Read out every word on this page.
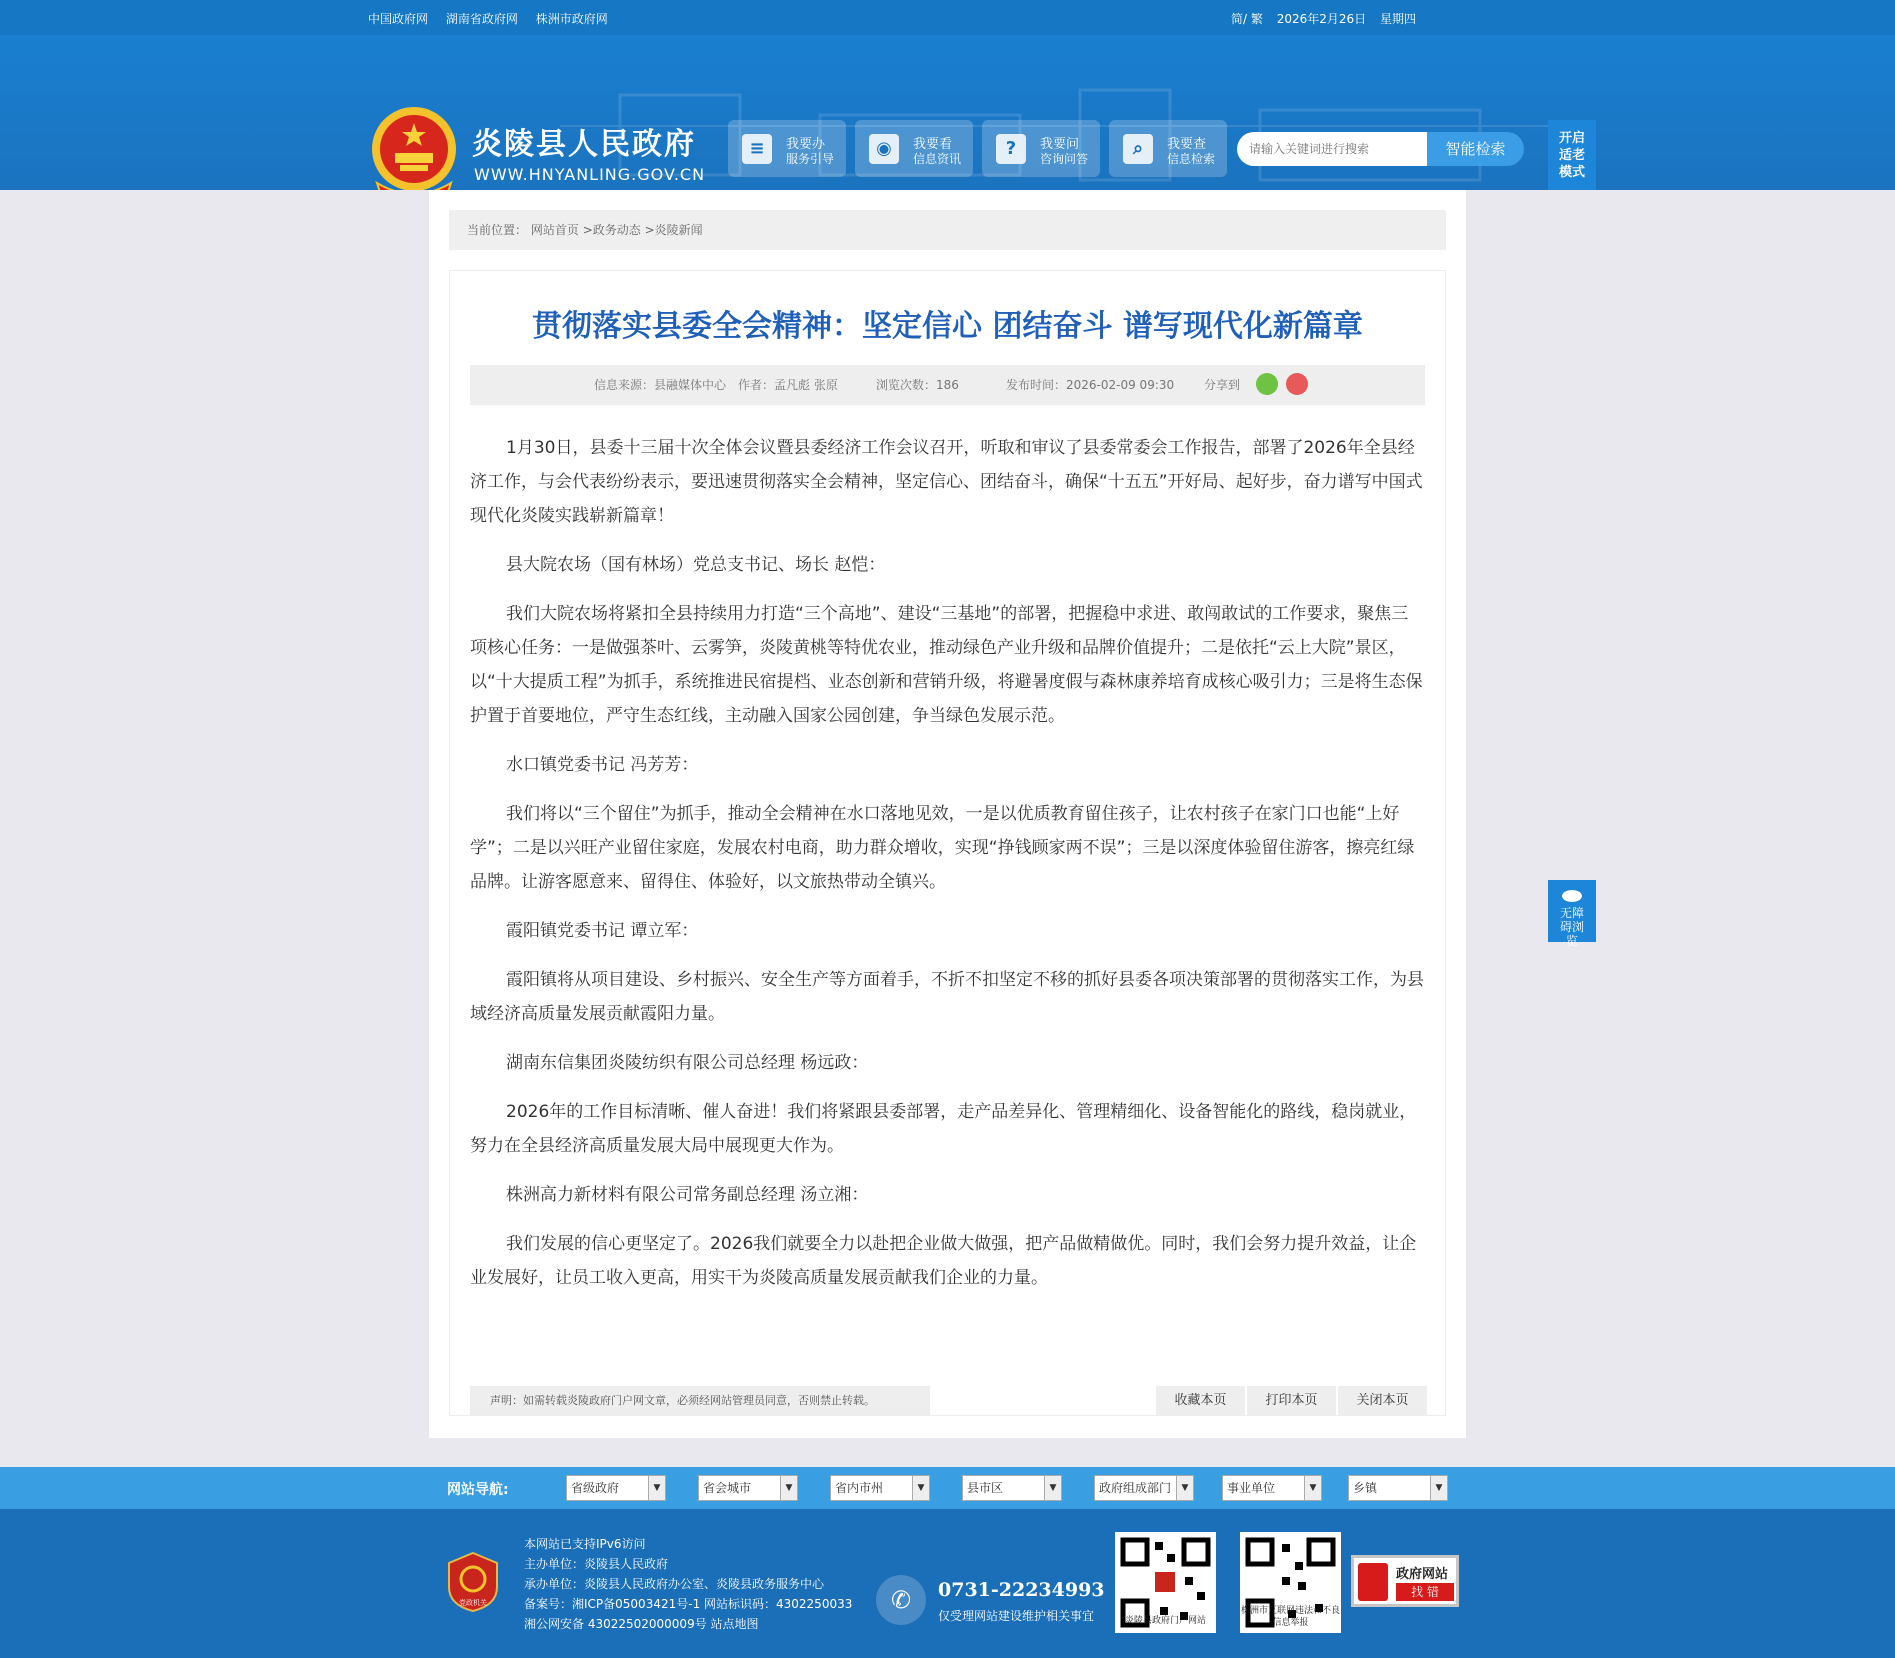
中国政府网 湖南省政府网 株洲市政府网	简/ 繁 2026年2月26日 星期四
炎陵县人民政府
WWW.HNYANLING.GOV.CN
≡	我要办
服务引导	◉	我要看
信息资讯	?	我要问
咨询问答	⌕	我要查
信息检索
请输入关键词进行搜索
智能检索
开启适老模式
当前位置： 网站首页 >政务动态 >炎陵新闻
贯彻落实县委全会精神：坚定信心 团结奋斗 谱写现代化新篇章
信息来源：县融媒体中心 作者：孟凡彪 张原	浏览次数：186	发布时间：2026-02-09 09:30 分享到

1月30日，县委十三届十次全体会议暨县委经济工作会议召开，听取和审议了县委常委会工作报告，部署了2026年全县经济工作，与会代表纷纷表示，要迅速贯彻落实全会精神，坚定信心、团结奋斗，确保“十五五”开好局、起好步，奋力谱写中国式现代化炎陵实践崭新篇章！

县大院农场（国有林场）党总支书记、场长 赵恺：

我们大院农场将紧扣全县持续用力打造“三个高地”、建设“三基地”的部署，把握稳中求进、敢闯敢试的工作要求，聚焦三项核心任务：一是做强茶叶、云雾笋，炎陵黄桃等特优农业，推动绿色产业升级和品牌价值提升；二是依托“云上大院”景区，以“十大提质工程”为抓手，系统推进民宿提档、业态创新和营销升级，将避暑度假与森林康养培育成核心吸引力；三是将生态保护置于首要地位，严守生态红线，主动融入国家公园创建，争当绿色发展示范。

水口镇党委书记 冯芳芳：

我们将以“三个留住”为抓手，推动全会精神在水口落地见效，一是以优质教育留住孩子，让农村孩子在家门口也能“上好学”；二是以兴旺产业留住家庭，发展农村电商，助力群众增收，实现“挣钱顾家两不误”；三是以深度体验留住游客，擦亮红绿品牌。让游客愿意来、留得住、体验好，以文旅热带动全镇兴。

霞阳镇党委书记 谭立军：

霞阳镇将从项目建设、乡村振兴、安全生产等方面着手，不折不扣坚定不移的抓好县委各项决策部署的贯彻落实工作，为县域经济高质量发展贡献霞阳力量。

湖南东信集团炎陵纺织有限公司总经理 杨远政：

2026年的工作目标清晰、催人奋进！我们将紧跟县委部署，走产品差异化、管理精细化、设备智能化的路线，稳岗就业，努力在全县经济高质量发展大局中展现更大作为。

株洲高力新材料有限公司常务副总经理 汤立湘：

我们发展的信心更坚定了。2026我们就要全力以赴把企业做大做强，把产品做精做优。同时，我们会努力提升效益，让企业发展好，让员工收入更高，用实干为炎陵高质量发展贡献我们企业的力量。

声明：如需转载炎陵政府门户网文章，必须经网站管理员同意，否则禁止转载。	收藏本页	打印本页	关闭本页
无障碍浏览
网站导航:	省级政府	▼	省会城市	▼	省内市州	▼	县市区	▼	政府组成部门	▼	事业单位	▼	乡镇	▼
党政机关
本网站已支持IPv6访问
主办单位：炎陵县人民政府
承办单位：炎陵县人民政府办公室、炎陵县政务服务中心
备案号：湘ICP备05003421号-1 网站标识码：4302250033
湘公网安备 43022502000009号 站点地图
✆	0731-22234993
仅受理网站建设维护相关事宜	炎陵县政府门户网站
株洲市互联网违法和不良信息举报
政府网站
找 错
